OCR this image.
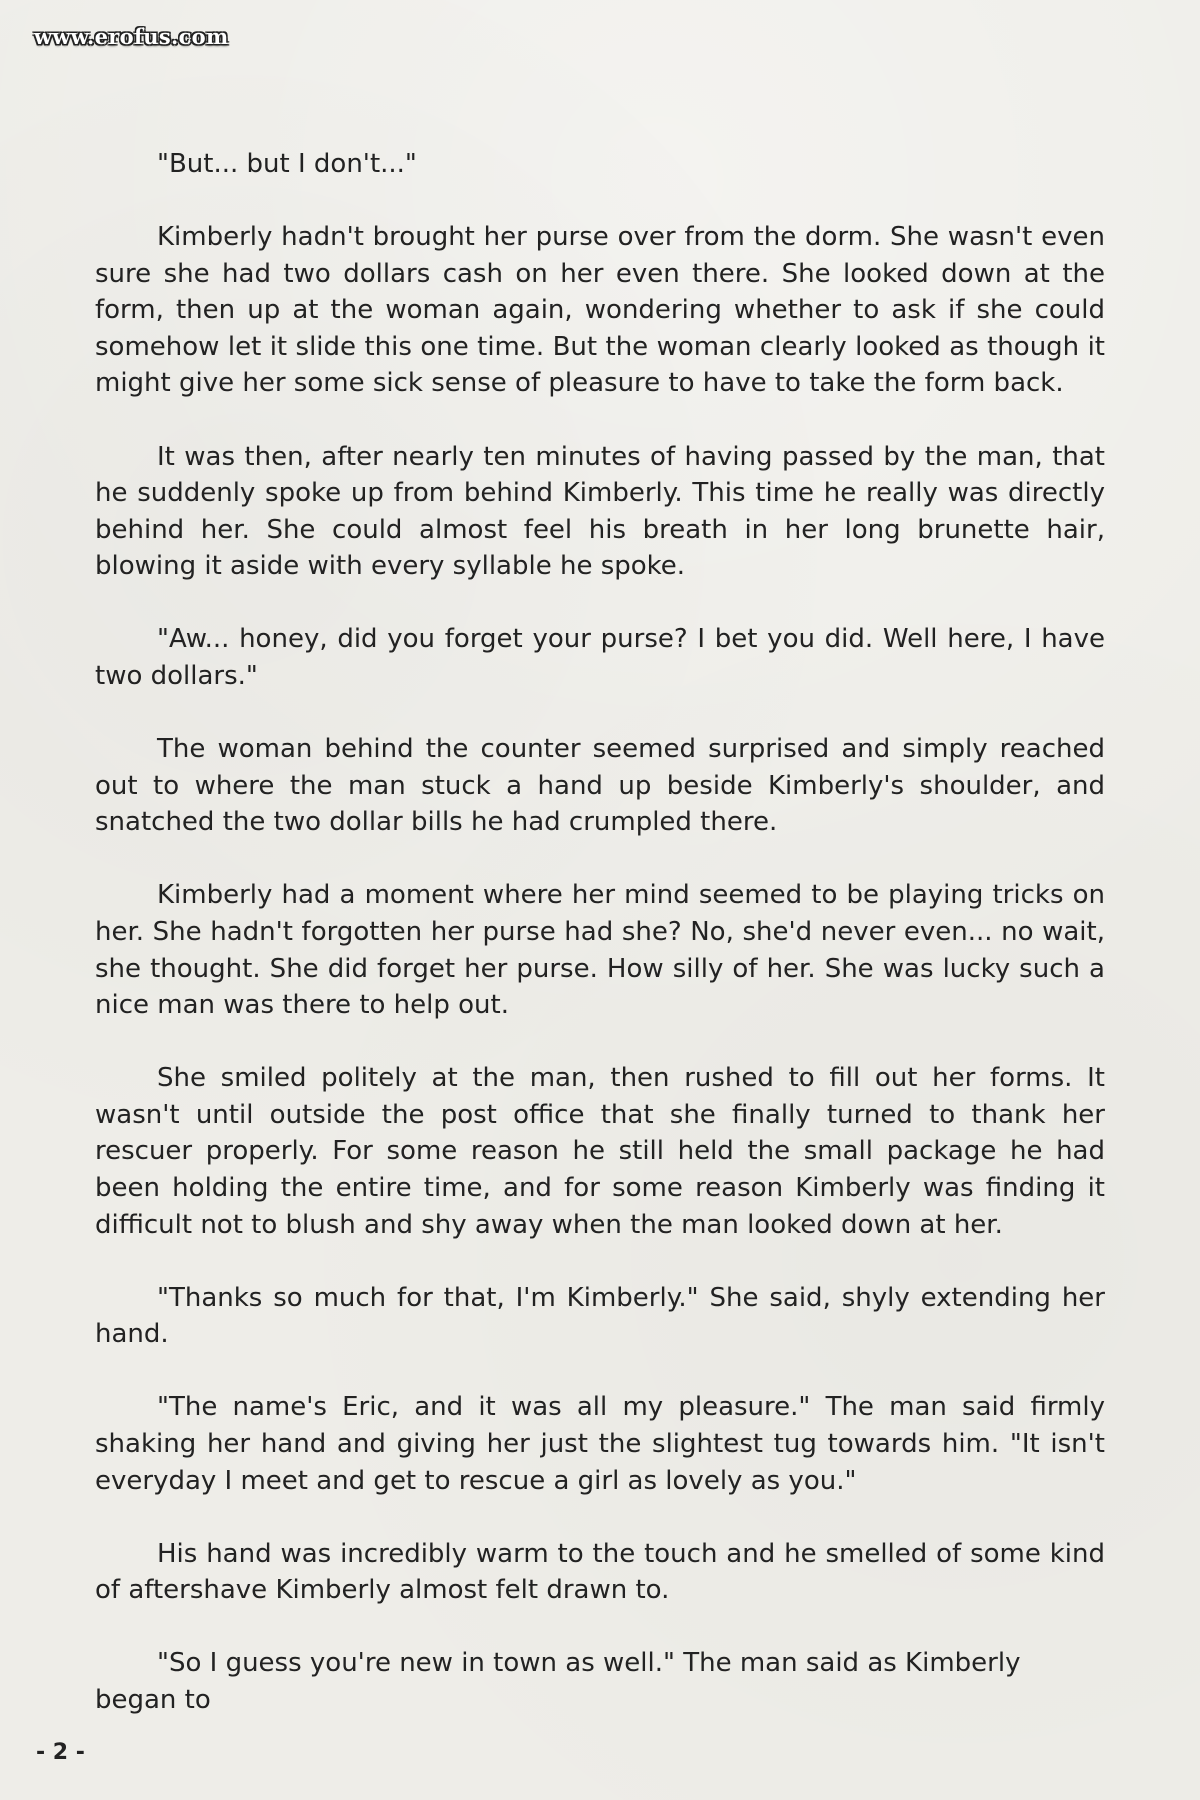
www.erofus.com

"But... but I don't..."

Kimberly hadn't brought her purse over from the dorm. She wasn't even sure she had two dollars cash on her even there. She looked down at the form, then up at the woman again, wondering whether to ask if she could somehow let it slide this one time. But the woman clearly looked as though it might give her some sick sense of pleasure to have to take the form back.

It was then, after nearly ten minutes of having passed by the man, that he suddenly spoke up from behind Kimberly. This time he really was directly behind her. She could almost feel his breath in her long brunette hair, blowing it aside with every syllable he spoke.

"Aw... honey, did you forget your purse? I bet you did. Well here, I have two dollars."

The woman behind the counter seemed surprised and simply reached out to where the man stuck a hand up beside Kimberly's shoulder, and snatched the two dollar bills he had crumpled there.

Kimberly had a moment where her mind seemed to be playing tricks on her. She hadn't forgotten her purse had she? No, she'd never even... no wait, she thought. She did forget her purse. How silly of her. She was lucky such a nice man was there to help out.

She smiled politely at the man, then rushed to fill out her forms. It wasn't until outside the post office that she finally turned to thank her rescuer properly. For some reason he still held the small package he had been holding the entire time, and for some reason Kimberly was finding it difficult not to blush and shy away when the man looked down at her.

"Thanks so much for that, I'm Kimberly." She said, shyly extending her hand.

"The name's Eric, and it was all my pleasure." The man said firmly shaking her hand and giving her just the slightest tug towards him. "It isn't everyday I meet and get to rescue a girl as lovely as you."

His hand was incredibly warm to the touch and he smelled of some kind of aftershave Kimberly almost felt drawn to.

"So I guess you're new in town as well." The man said as Kimberly began to

- 2 -
